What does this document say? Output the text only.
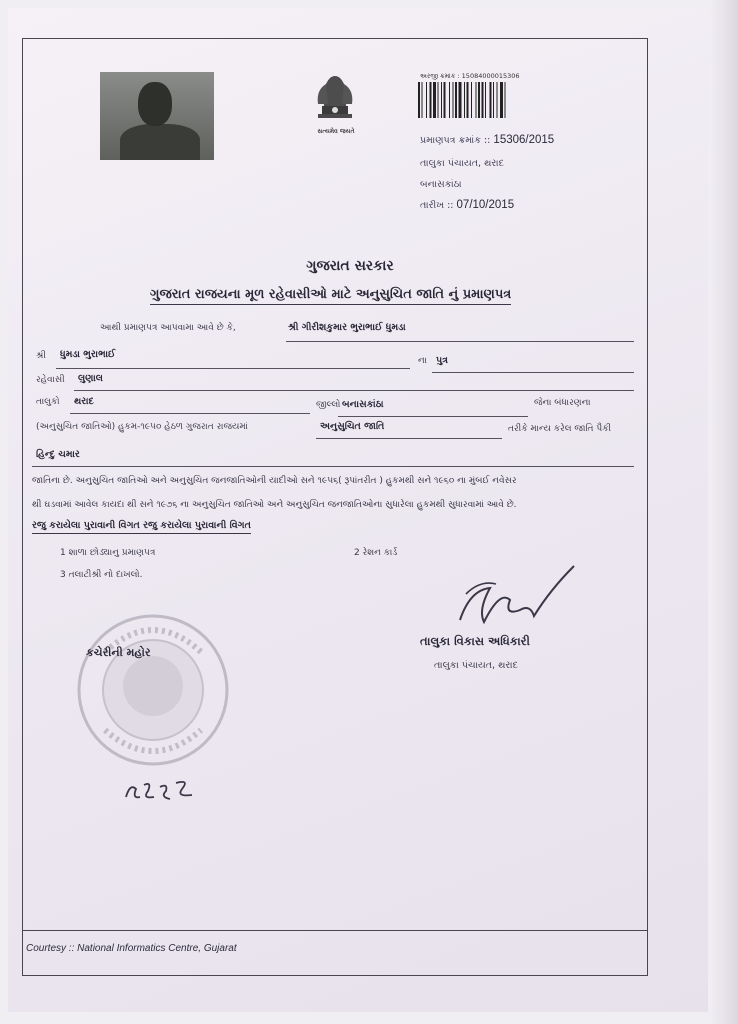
સત્યમેવ જયતે
અરજી ક્રમાંક : 15084000015306
પ્રમાણપત્ર ક્રમાંક :: 15306/2015
તાલુકા પંચાયત, થરાદ
બનાસકાંઠા
તારીખ :: 07/10/2015
ગુજરાત સરકાર
ગુજરાત રાજયના મૂળ રહેવાસીઓ માટે અનુસુચિત જાતિ નું પ્રમાણપત્ર
આથી પ્રમાણપત્ર આપવામા આવે છે કે,	શ્રી ગીરીશકુમાર ભુરાભાઈ ધુમડા
શ્રી ધુમડા ભુરાભાઈ
ના પુત્ર
રહેવાસી લુણાલ
તાલુકો થરાદ	જીલ્લો બનાસકાંઠા	જેના બંધારણના
(અનુસુચિત જાતિઓ) હુકમ-૧૯૫૦ હેઠળ ગુજરાત રાજયમાં	અનુસુચિત જાતિ	તરીકે માન્ય કરેલ જાતિ પૈકી
હિન્દુ ચમાર
જાતિના છે. અનુસુચિત જાતિઓ અને અનુસુચિત જનજાતિઓની યાદીઓ સને ૧૯૫૬( રૂપાંતરીત ) હુકમથી સને ૧૯૬૦ ના મુંબઈ નવેસર
થી ઘડવામાં આવેલ કાયદા થી સને ૧૯૭૬ ના અનુસુચિત જાતિઓ અને અનુસુચિત જનજાતિઓના સુધારેલા હુકમથી સુધારવામાં આવે છે.
રજુ કરાયેલા પુરાવાની વિગત રજુ કરાયેલા પુરાવાની વિગત
1 શાળા છોડ્યાનુ પ્રમાણપત્ર	2 રેશન કાર્ડ
3 તલાટીશ્રી નો દાખલો.
કચેરીની મહોર
તાલુકા વિકાસ અધિકારી
તાલુકા પંચાયત, થરાદ
Courtesy :: National Informatics Centre, Gujarat
